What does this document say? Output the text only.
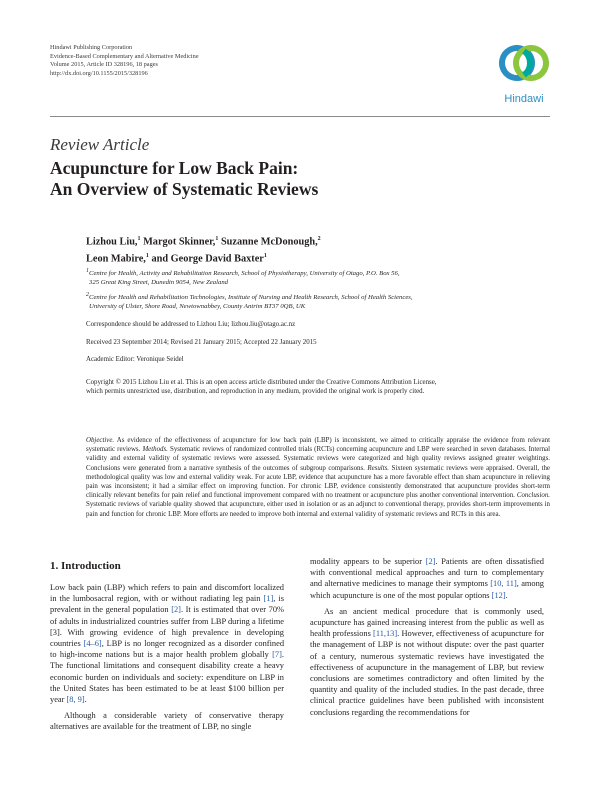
Hindawi Publishing Corporation
Evidence-Based Complementary and Alternative Medicine
Volume 2015, Article ID 328196, 18 pages
http://dx.doi.org/10.1155/2015/328196
Hindawi
Review Article
Acupuncture for Low Back Pain:
An Overview of Systematic Reviews
Lizhou Liu,$^1$ Margot Skinner,$^1$ Suzanne McDonough,$^2$
Leon Mabire,$^1$ and George David Baxter$^1$
$^1$Centre for Health, Activity and Rehabilitation Research, School of Physiotherapy, University of Otago, P.O. Box 56,
325 Great King Street, Dunedin 9054, New Zealand
$^2$Centre for Health and Rehabilitation Technologies, Institute of Nursing and Health Research, School of Health Sciences,
University of Ulster, Shore Road, Newtownabbey, County Antrim BT37 0QB, UK
Correspondence should be addressed to Lizhou Liu; lizhou.liu@otago.ac.nz
Received 23 September 2014; Revised 21 January 2015; Accepted 22 January 2015
Academic Editor: Veronique Seidel
Copyright © 2015 Lizhou Liu et al. This is an open access article distributed under the Creative Commons Attribution License,
which permits unrestricted use, distribution, and reproduction in any medium, provided the original work is properly cited.
Objective. As evidence of the effectiveness of acupuncture for low back pain (LBP) is inconsistent, we aimed to critically appraise the evidence from relevant systematic reviews. Methods. Systematic reviews of randomized controlled trials (RCTs) concerning acupuncture and LBP were searched in seven databases. Internal validity and external validity of systematic reviews were assessed. Systematic reviews were categorized and high quality reviews assigned greater weightings. Conclusions were generated from a narrative synthesis of the outcomes of subgroup comparisons. Results. Sixteen systematic reviews were appraised. Overall, the methodological quality was low and external validity weak. For acute LBP, evidence that acupuncture has a more favorable effect than sham acupuncture in relieving pain was inconsistent; it had a similar effect on improving function. For chronic LBP, evidence consistently demonstrated that acupuncture provides short-term clinically relevant benefits for pain relief and functional improvement compared with no treatment or acupuncture plus another conventional intervention. Conclusion. Systematic reviews of variable quality showed that acupuncture, either used in isolation or as an adjunct to conventional therapy, provides short-term improvements in pain and function for chronic LBP. More efforts are needed to improve both internal and external validity of systematic reviews and RCTs in this area.
1. Introduction

Low back pain (LBP) which refers to pain and discomfort localized in the lumbosacral region, with or without radiating leg pain [1], is prevalent in the general population [2]. It is estimated that over 70% of adults in industrialized countries suffer from LBP during a lifetime [3]. With growing evidence of high prevalence in developing countries [4–6], LBP is no longer recognized as a disorder confined to high-income nations but is a major health problem globally [7]. The functional limitations and consequent disability create a heavy economic burden on individuals and society: expenditure on LBP in the United States has been estimated to be at least $100 billion per year [8, 9].

Although a considerable variety of conservative therapy alternatives are available for the treatment of LBP, no single

modality appears to be superior [2]. Patients are often dissatisfied with conventional medical approaches and turn to complementary and alternative medicines to manage their symptoms [10, 11], among which acupuncture is one of the most popular options [12].

As an ancient medical procedure that is commonly used, acupuncture has gained increasing interest from the public as well as health professions [11,13]. However, effectiveness of acupuncture for the management of LBP is not without dispute: over the past quarter of a century, numerous systematic reviews have investigated the effectiveness of acupuncture in the management of LBP, but review conclusions are sometimes contradictory and often limited by the quantity and quality of the included studies. In the past decade, three clinical practice guidelines have been published with inconsistent conclusions regarding the recommendations for
